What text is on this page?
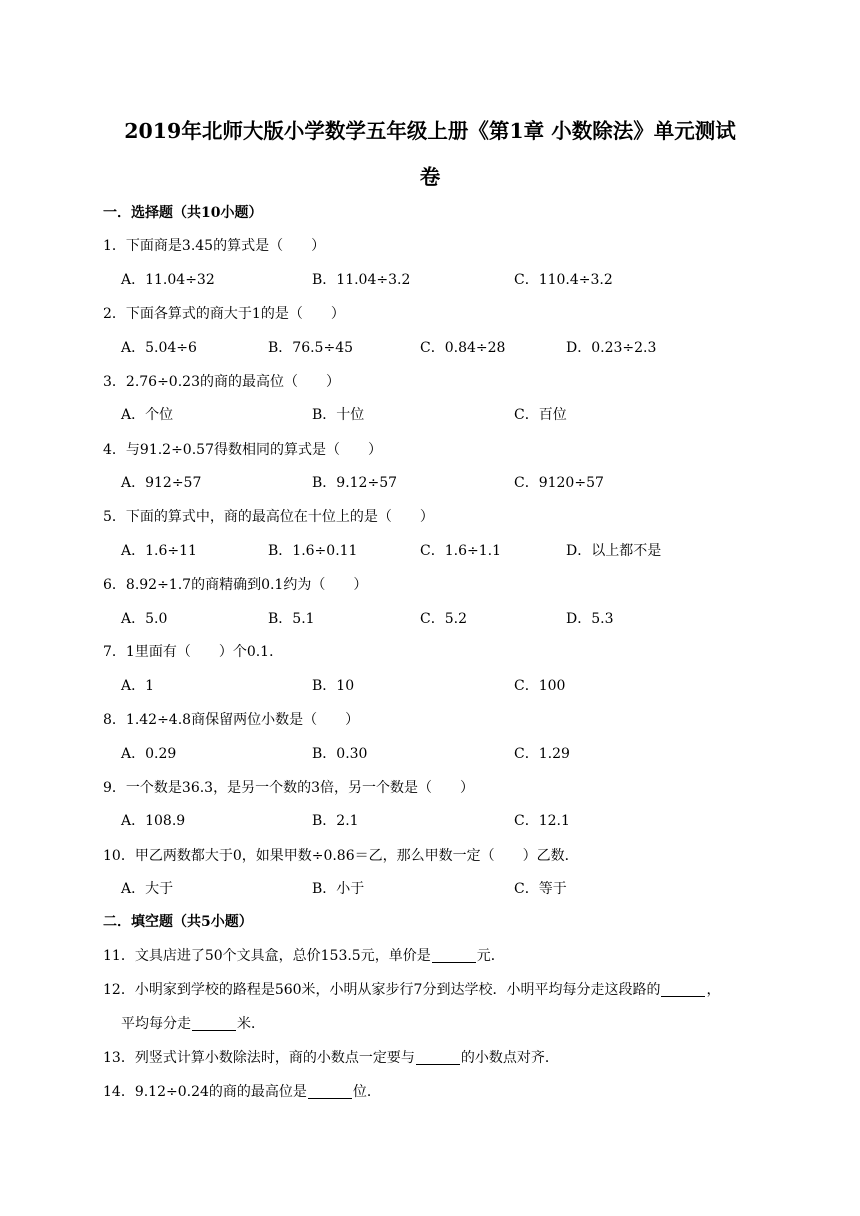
2019年北师大版小学数学五年级上册《第1章 小数除法》单元测试
卷
一．选择题（共10小题）
1．下面商是3.45的算式是（　　）
A．11.04÷32	B．11.04÷3.2	C．110.4÷3.2
2．下面各算式的商大于1的是（　　）
A．5.04÷6	B．76.5÷45	C．0.84÷28	D．0.23÷2.3
3．2.76÷0.23的商的最高位（　　）
A．个位	B．十位	C．百位
4．与91.2÷0.57得数相同的算式是（　　）
A．912÷57	B．9.12÷57	C．9120÷57
5．下面的算式中，商的最高位在十位上的是（　　）
A．1.6÷11	B．1.6÷0.11	C．1.6÷1.1	D．以上都不是
6．8.92÷1.7的商精确到0.1约为（　　）
A．5.0	B．5.1	C．5.2	D．5.3
7．1里面有（　　）个0.1．
A．1	B．10	C．100
8．1.42÷4.8商保留两位小数是（　　）
A．0.29	B．0.30	C．1.29
9．一个数是36.3，是另一个数的3倍，另一个数是（　　）
A．108.9	B．2.1	C．12.1
10．甲乙两数都大于0，如果甲数÷0.86＝乙，那么甲数一定（　　）乙数．
A．大于	B．小于	C．等于
二．填空题（共5小题）
11．文具店进了50个文具盒，总价153.5元，单价是	元．
12．小明家到学校的路程是560米，小明从家步行7分到达学校．小明平均每分走这段路的	，
平均每分走	米．
13．列竖式计算小数除法时，商的小数点一定要与	的小数点对齐．
14．9.12÷0.24的商的最高位是	位．
